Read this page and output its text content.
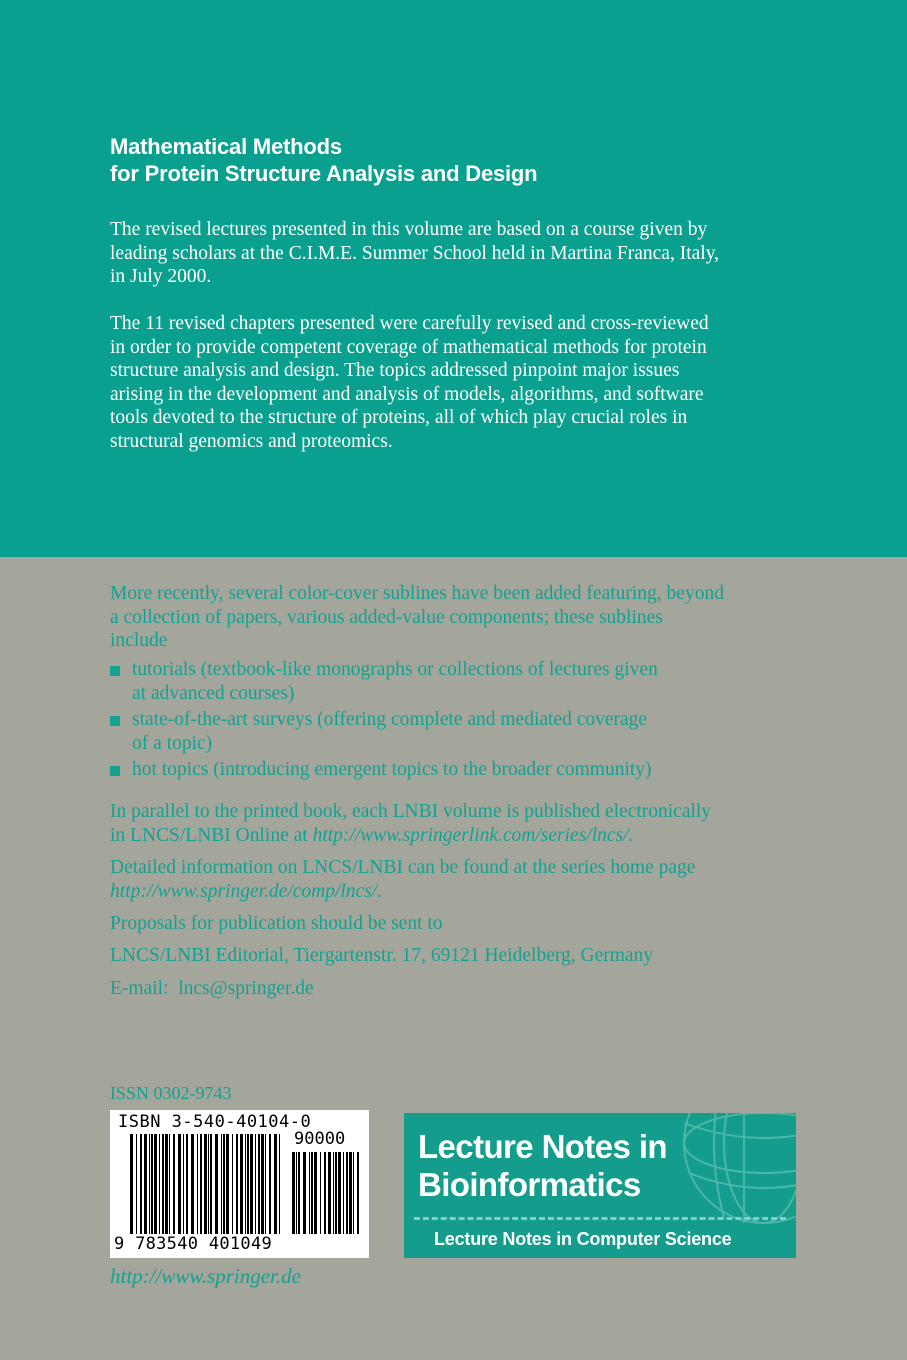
Mathematical Methods
for Protein Structure Analysis and Design
The revised lectures presented in this volume are based on a course given by
leading scholars at the C.I.M.E. Summer School held in Martina Franca, Italy,
in July 2000.
The 11 revised chapters presented were carefully revised and cross-reviewed
in order to provide competent coverage of mathematical methods for protein
structure analysis and design. The topics addressed pinpoint major issues
arising in the development and analysis of models, algorithms, and software
tools devoted to the structure of proteins, all of which play crucial roles in
structural genomics and proteomics.
More recently, several color-cover sublines have been added featuring, beyond
a collection of papers, various added-value components; these sublines
include
tutorials (textbook-like monographs or collections of lectures given
at advanced courses)
state-of-the-art surveys (offering complete and mediated coverage
of a topic)
hot topics (introducing emergent topics to the broader community)
In parallel to the printed book, each LNBI volume is published electronically
in LNCS/LNBI Online at http://www.springerlink.com/series/lncs/.
Detailed information on LNCS/LNBI can be found at the series home page
http://www.springer.de/comp/lncs/.
Proposals for publication should be sent to
LNCS/LNBI Editorial, Tiergartenstr. 17, 69121 Heidelberg, Germany
E-mail: lncs@springer.de
ISSN 0302-9743
ISBN 3-540-40104-0
90000
9 783540 401049
Lecture Notes in
Bioinformatics
Lecture Notes in Computer Science
http://www.springer.de
